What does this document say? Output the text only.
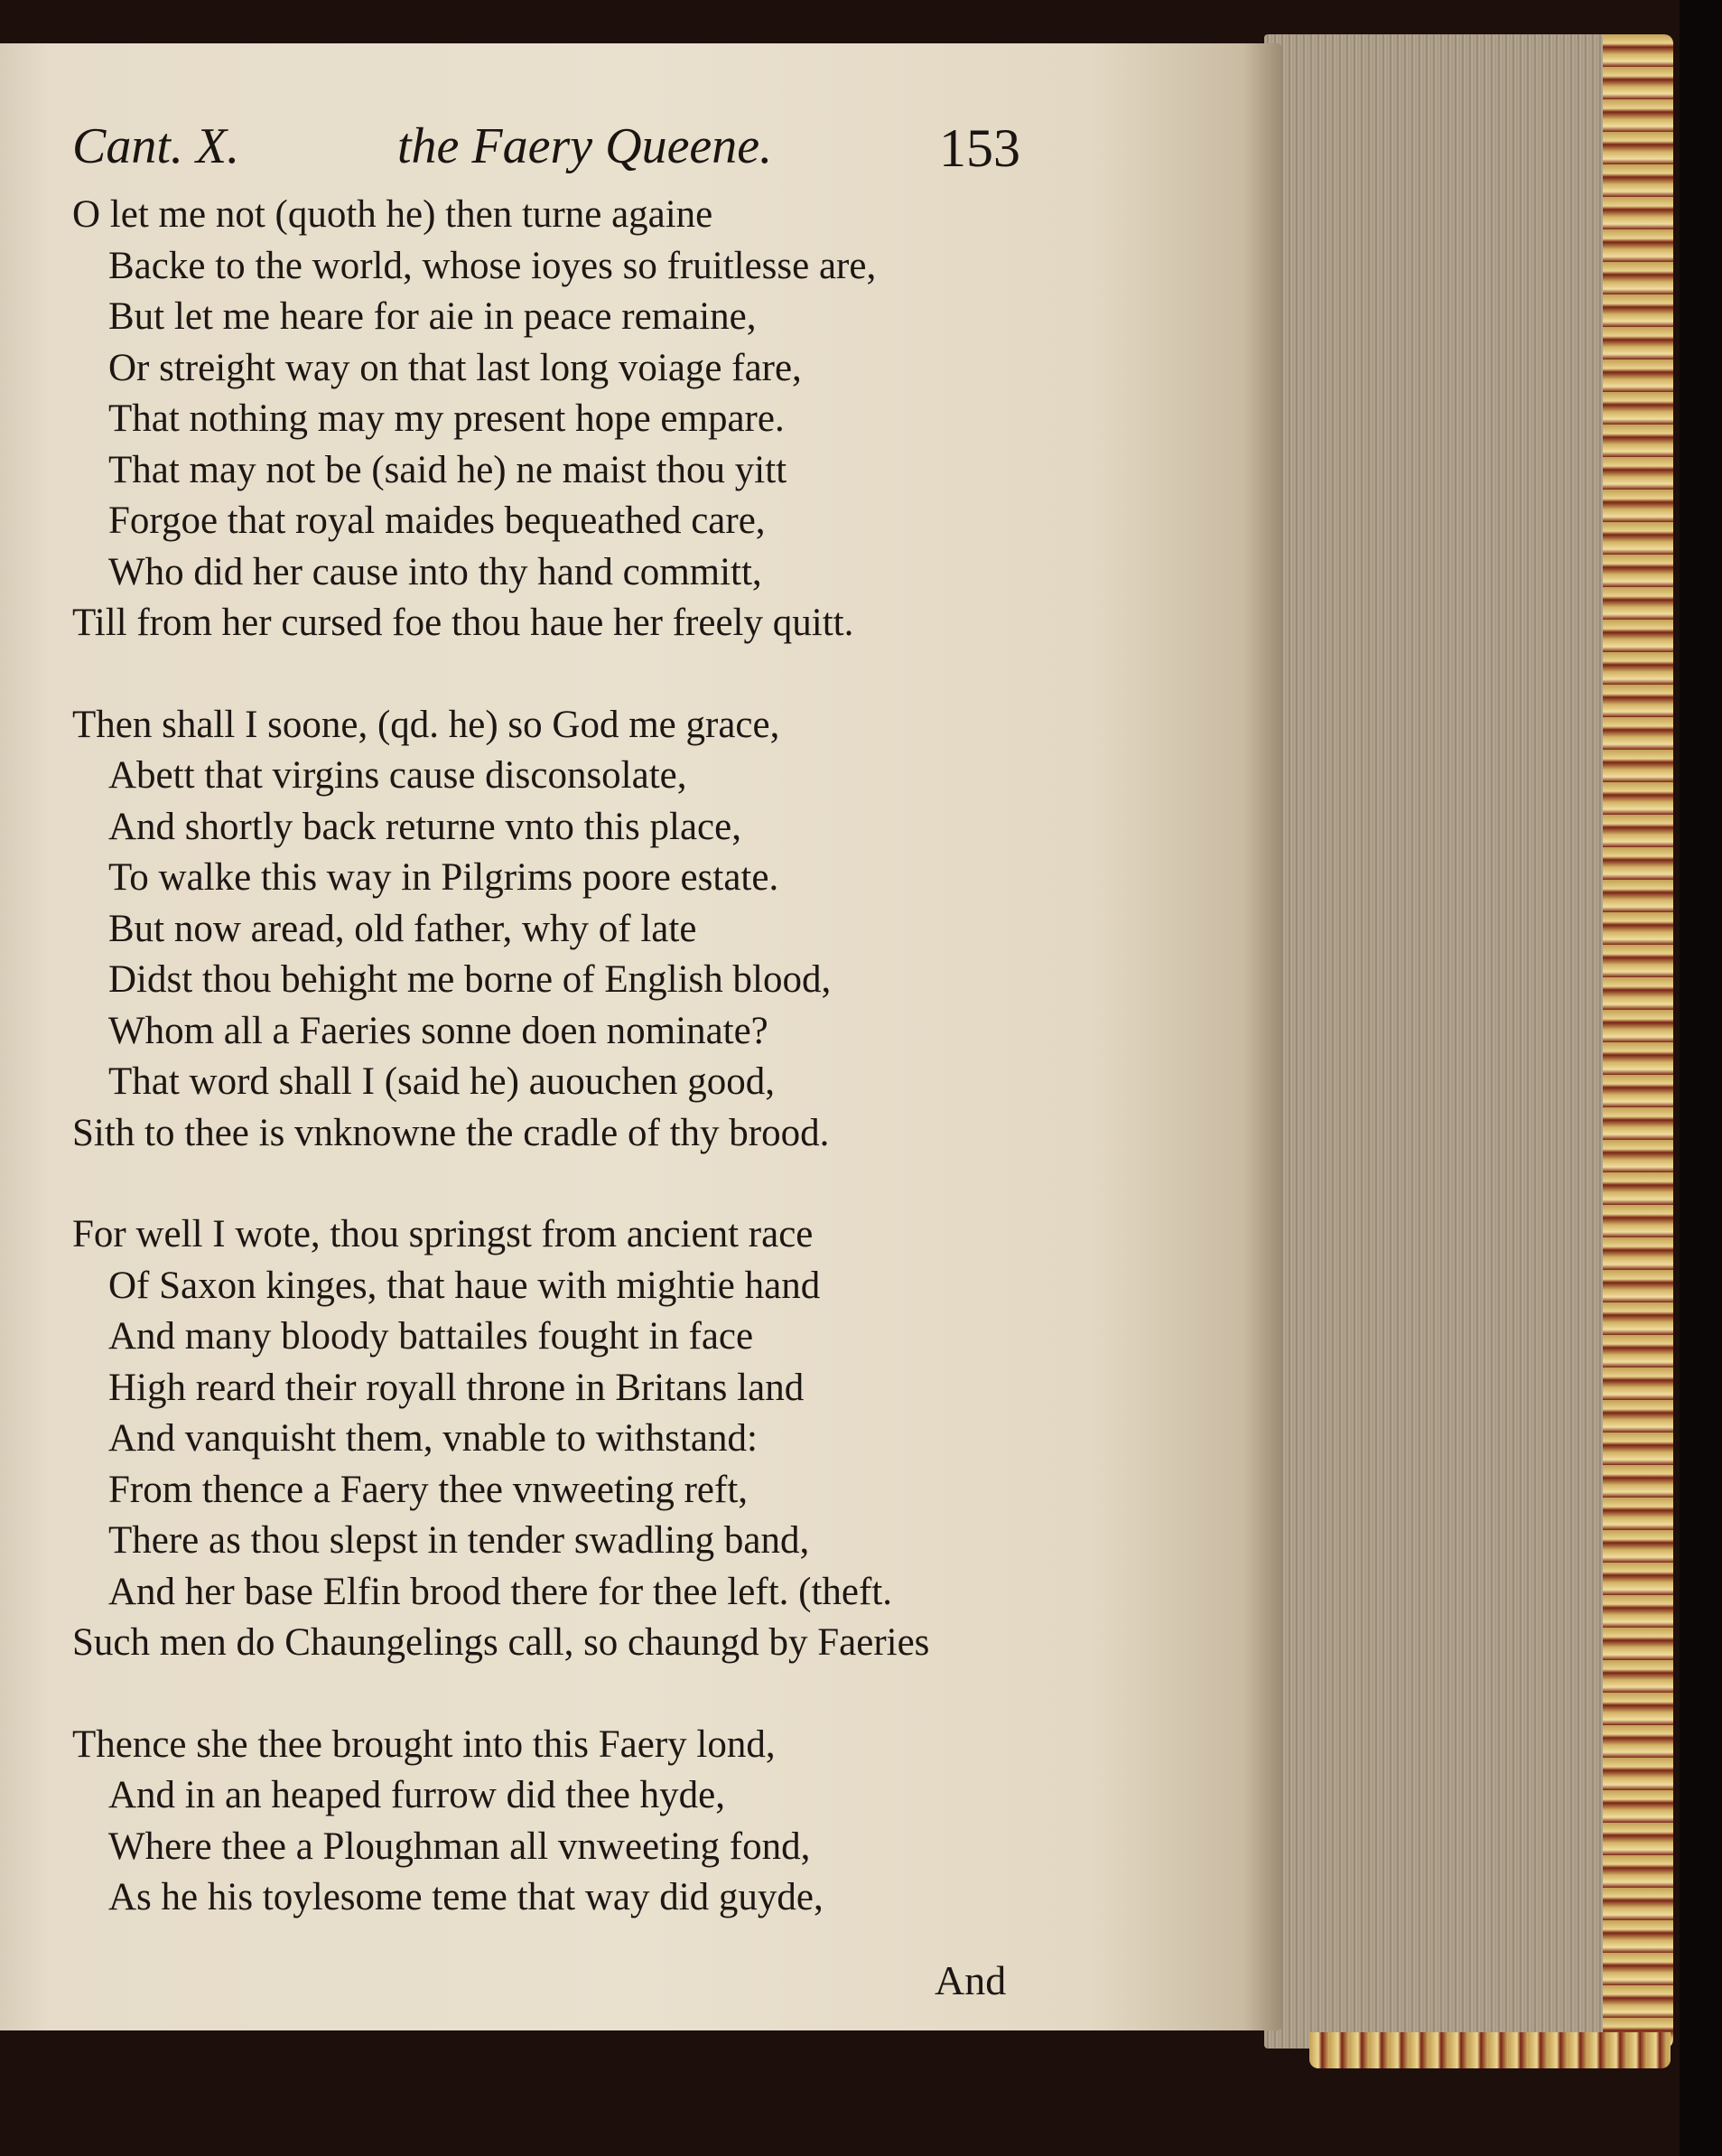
Cant. X.	the Faery Queene.	153
O let me not (quoth he) then turne againe
Backe to the world, whose ioyes so fruitlesse are,
But let me heare for aie in peace remaine,
Or streight way on that last long voiage fare,
That nothing may my present hope empare.
That may not be (said he) ne maist thou yitt
Forgoe that royal maides bequeathed care,
Who did her cause into thy hand committ,
Till from her cursed foe thou haue her freely quitt.
Then shall I soone, (qd. he) so God me grace,
Abett that virgins cause disconsolate,
And shortly back returne vnto this place,
To walke this way in Pilgrims poore estate.
But now aread, old father, why of late
Didst thou behight me borne of English blood,
Whom all a Faeries sonne doen nominate?
That word shall I (said he) auouchen good,
Sith to thee is vnknowne the cradle of thy brood.
For well I wote, thou springst from ancient race
Of Saxon kinges, that haue with mightie hand
And many bloody battailes fought in face
High reard their royall throne in Britans land
And vanquisht them, vnable to withstand:
From thence a Faery thee vnweeting reft,
There as thou slepst in tender swadling band,
And her base Elfin brood there for thee left. (theft.
Such men do Chaungelings call, so chaungd by Faeries
Thence she thee brought into this Faery lond,
And in an heaped furrow did thee hyde,
Where thee a Ploughman all vnweeting fond,
As he his toylesome teme that way did guyde,
And
